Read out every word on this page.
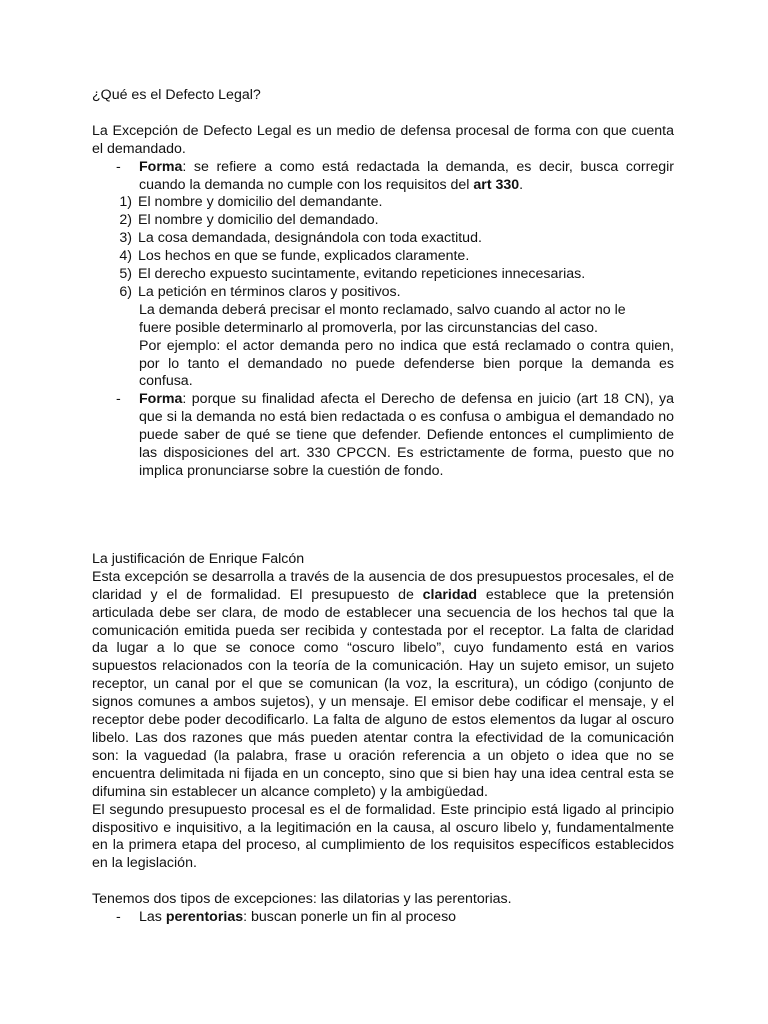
¿Qué es el Defecto Legal?

La Excepción de Defecto Legal es un medio de defensa procesal de forma con que cuenta el demandado.

- Forma: se refiere a como está redactada la demanda, es decir, busca corregir cuando la demanda no cumple con los requisitos del art 330.

1) El nombre y domicilio del demandante.
2) El nombre y domicilio del demandado.
3) La cosa demandada, designándola con toda exactitud.
4) Los hechos en que se funde, explicados claramente.
5) El derecho expuesto sucintamente, evitando repeticiones innecesarias.
6) La petición en términos claros y positivos.

La demanda deberá precisar el monto reclamado, salvo cuando al actor no le

fuere posible determinarlo al promoverla, por las circunstancias del caso.

Por ejemplo: el actor demanda pero no indica que está reclamado o contra quien, por lo tanto el demandado no puede defenderse bien porque la demanda es confusa.

- Forma: porque su finalidad afecta el Derecho de defensa en juicio (art 18 CN), ya que si la demanda no está bien redactada o es confusa o ambigua el demandado no puede saber de qué se tiene que defender. Defiende entonces el cumplimiento de las disposiciones del art. 330 CPCCN. Es estrictamente de forma, puesto que no implica pronunciarse sobre la cuestión de fondo.

La justificación de Enrique Falcón

Esta excepción se desarrolla a través de la ausencia de dos presupuestos procesales, el de claridad y el de formalidad. El presupuesto de claridad establece que la pretensión articulada debe ser clara, de modo de establecer una secuencia de los hechos tal que la comunicación emitida pueda ser recibida y contestada por el receptor. La falta de claridad da lugar a lo que se conoce como “oscuro libelo”, cuyo fundamento está en varios supuestos relacionados con la teoría de la comunicación. Hay un sujeto emisor, un sujeto receptor, un canal por el que se comunican (la voz, la escritura), un código (conjunto de signos comunes a ambos sujetos), y un mensaje. El emisor debe codificar el mensaje, y el receptor debe poder decodificarlo. La falta de alguno de estos elementos da lugar al oscuro libelo. Las dos razones que más pueden atentar contra la efectividad de la comunicación son: la vaguedad (la palabra, frase u oración referencia a un objeto o idea que no se encuentra delimitada ni fijada en un concepto, sino que si bien hay una idea central esta se difumina sin establecer un alcance completo) y la ambigüedad.

El segundo presupuesto procesal es el de formalidad. Este principio está ligado al principio dispositivo e inquisitivo, a la legitimación en la causa, al oscuro libelo y, fundamentalmente en la primera etapa del proceso, al cumplimiento de los requisitos específicos establecidos en la legislación.

Tenemos dos tipos de excepciones: las dilatorias y las perentorias.

- Las perentorias: buscan ponerle un fin al proceso
